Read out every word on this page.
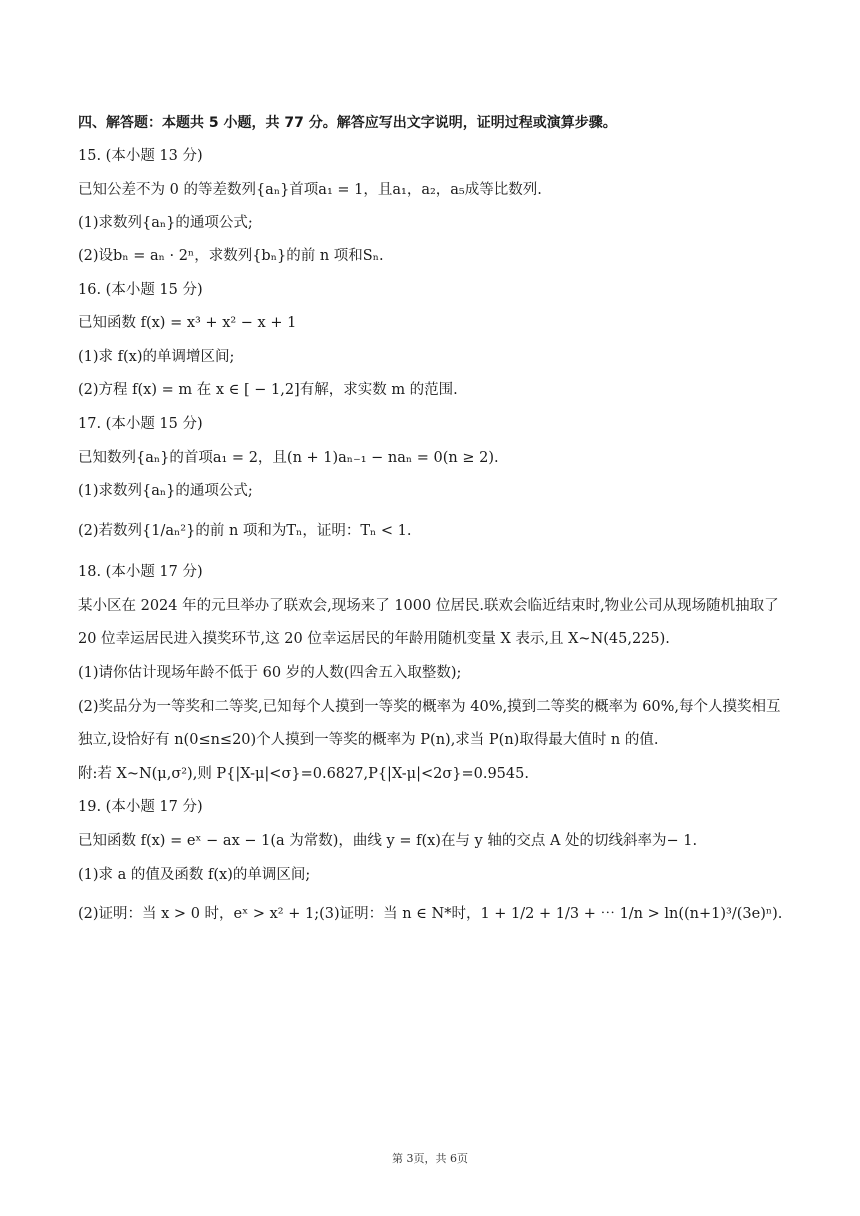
四、解答题：本题共 5 小题，共 77 分。解答应写出文字说明，证明过程或演算步骤。
15. (本小题 13 分)
已知公差不为 0 的等差数列{aₙ}首项a₁ = 1，且a₁，a₂，a₅成等比数列.
(1)求数列{aₙ}的通项公式;
(2)设bₙ = aₙ · 2ⁿ，求数列{bₙ}的前 n 项和Sₙ.
16. (本小题 15 分)
已知函数 f(x) = x³ + x² − x + 1
(1)求 f(x)的单调增区间;
(2)方程 f(x) = m 在 x ∈ [ − 1,2]有解，求实数 m 的范围.
17. (本小题 15 分)
已知数列{aₙ}的首项a₁ = 2，且(n + 1)aₙ₋₁ − naₙ = 0(n ≥ 2).
(1)求数列{aₙ}的通项公式;
(2)若数列{1/aₙ²}的前 n 项和为Tₙ，证明：Tₙ < 1.
18. (本小题 17 分)
某小区在 2024 年的元旦举办了联欢会,现场来了 1000 位居民.联欢会临近结束时,物业公司从现场随机抽取了
20 位幸运居民进入摸奖环节,这 20 位幸运居民的年龄用随机变量 X 表示,且 X~N(45,225).
(1)请你估计现场年龄不低于 60 岁的人数(四舍五入取整数);
(2)奖品分为一等奖和二等奖,已知每个人摸到一等奖的概率为 40%,摸到二等奖的概率为 60%,每个人摸奖相互
独立,设恰好有 n(0≤n≤20)个人摸到一等奖的概率为 P(n),求当 P(n)取得最大值时 n 的值.
附:若 X~N(μ,σ²),则 P{|X-μ|<σ}=0.6827,P{|X-μ|<2σ}=0.9545.
19. (本小题 17 分)
已知函数 f(x) = eˣ − ax − 1(a 为常数)，曲线 y = f(x)在与 y 轴的交点 A 处的切线斜率为− 1.
(1)求 a 的值及函数 f(x)的单调区间;
(2)证明：当 x > 0 时，eˣ > x² + 1;(3)证明：当 n ∈ N*时，1 + 1/2 + 1/3 + ⋯ 1/n > ln((n+1)³/(3e)ⁿ).
第 3页，共 6页
